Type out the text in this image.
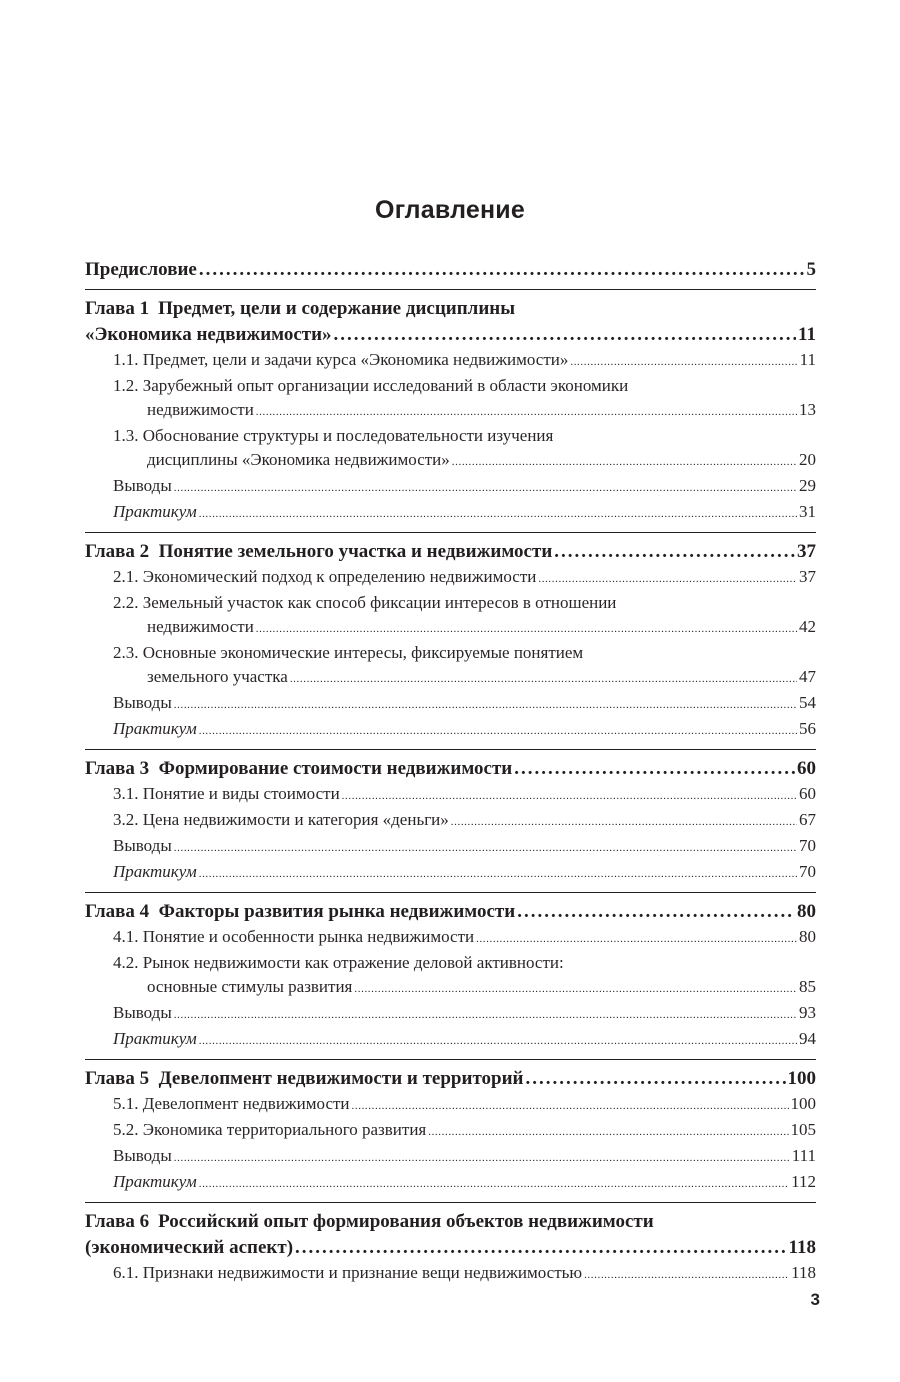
Оглавление
Предисловие .....	5
Глава 1 Предмет, цели и содержание дисциплины
«Экономика недвижимости» .....	11
1.1. Предмет, цели и задачи курса «Экономика недвижимости» .....	11
1.2. Зарубежный опыт организации исследований в области экономики
недвижимости .....	13
1.3. Обоснование структуры и последовательности изучения
дисциплины «Экономика недвижимости» .....	20
Выводы .....	29
Практикум .....	31
Глава 2 Понятие земельного участка и недвижимости .....	37
2.1. Экономический подход к определению недвижимости .....	37
2.2. Земельный участок как способ фиксации интересов в отношении
недвижимости .....	42
2.3. Основные экономические интересы, фиксируемые понятием
земельного участка .....	47
Выводы .....	54
Практикум .....	56
Глава 3 Формирование стоимости недвижимости .....	60
3.1. Понятие и виды стоимости .....	60
3.2. Цена недвижимости и категория «деньги» .....	67
Выводы .....	70
Практикум .....	70
Глава 4 Факторы развития рынка недвижимости .....	80
4.1. Понятие и особенности рынка недвижимости .....	80
4.2. Рынок недвижимости как отражение деловой активности:
основные стимулы развития .....	85
Выводы .....	93
Практикум .....	94
Глава 5 Девелопмент недвижимости и территорий .....	100
5.1. Девелопмент недвижимости .....	100
5.2. Экономика территориального развития .....	105
Выводы .....	111
Практикум .....	112
Глава 6 Российский опыт формирования объектов недвижимости
(экономический аспект) .....	118
6.1. Признаки недвижимости и признание вещи недвижимостью .....	118
3
